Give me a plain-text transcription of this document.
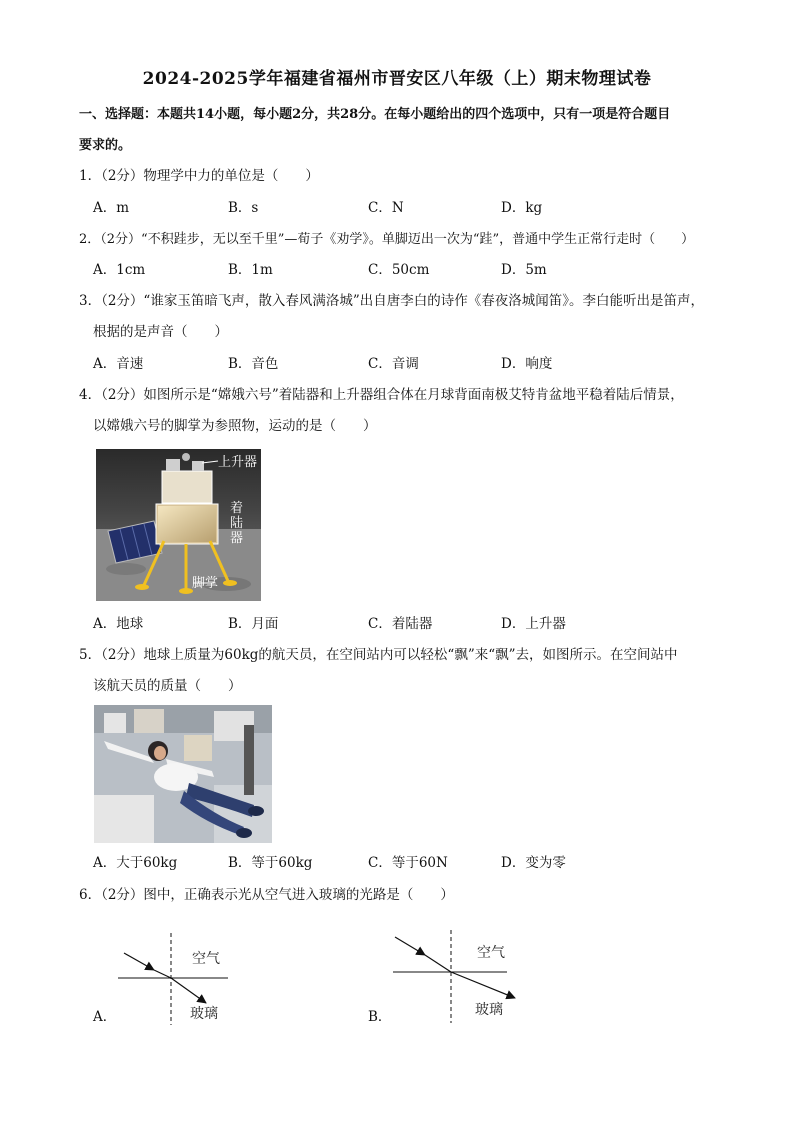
2024-2025学年福建省福州市晋安区八年级（上）期末物理试卷
一、选择题：本题共14小题，每小题2分，共28分。在每小题给出的四个选项中，只有一项是符合题目
要求的。
1．（2分）物理学中力的单位是（　　）
A．m	B．s	C．N	D．kg
2．（2分）“不积跬步，无以至千里”—荀子《劝学》。单脚迈出一次为“跬”，普通中学生正常行走时（　　）
A．1cm	B．1m	C．50cm	D．5m
3．（2分）“谁家玉笛暗飞声，散入春风满洛城”出自唐李白的诗作《春夜洛城闻笛》。李白能听出是笛声，
根据的是声音（　　）
A．音速	B．音色	C．音调	D．响度
4．（2分）如图所示是“嫦娥六号”着陆器和上升器组合体在月球背面南极艾特肯盆地平稳着陆后情景，
以嫦娥六号的脚掌为参照物，运动的是（　　）
上升器
着陆器
脚掌
A．地球	B．月面	C．着陆器	D．上升器
5．（2分）地球上质量为60kg的航天员，在空间站内可以轻松“飘”来“飘”去，如图所示。在空间站中
该航天员的质量（　　）
A．大于60kg	B．等于60kg	C．等于60N	D．变为零
6．（2分）图中，正确表示光从空气进入玻璃的光路是（　　）
A．
空气
玻璃	B．
空气
玻璃
